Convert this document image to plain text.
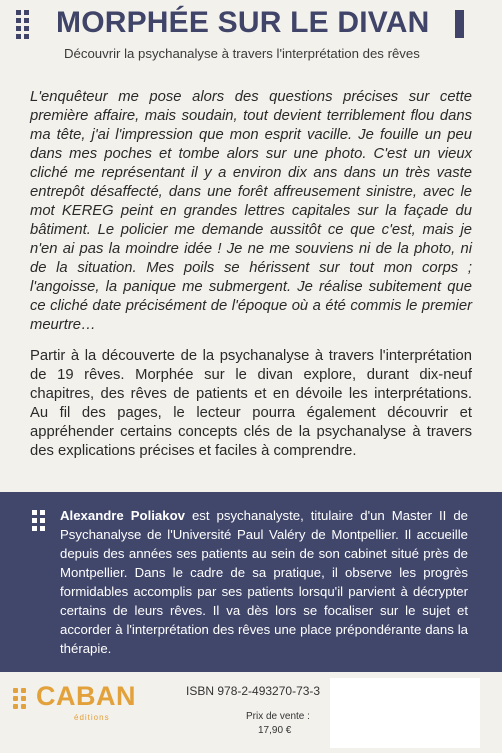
MORPHÉE SUR LE DIVAN

Découvrir la psychanalyse à travers l'interprétation des rêves

L'enquêteur me pose alors des questions précises sur cette première affaire, mais soudain, tout devient terriblement flou dans ma tête, j'ai l'impression que mon esprit vacille. Je fouille un peu dans mes poches et tombe alors sur une photo. C'est un vieux cliché me représentant il y a environ dix ans dans un très vaste entrepôt désaffecté, dans une forêt affreusement sinistre, avec le mot KEREG peint en grandes lettres capitales sur la façade du bâtiment. Le policier me demande aussitôt ce que c'est, mais je n'en ai pas la moindre idée ! Je ne me souviens ni de la photo, ni de la situation. Mes poils se hérissent sur tout mon corps ; l'angoisse, la panique me submergent. Je réalise subitement que ce cliché date précisément de l'époque où a été commis le premier meurtre…

Partir à la découverte de la psychanalyse à travers l'interprétation de 19 rêves. Morphée sur le divan explore, durant dix-neuf chapitres, des rêves de patients et en dévoile les interprétations. Au fil des pages, le lecteur pourra également découvrir et appréhender certains concepts clés de la psychanalyse à travers des explications précises et faciles à comprendre.

Alexandre Poliakov est psychanalyste, titulaire d'un Master II de Psychanalyse de l'Université Paul Valéry de Montpellier. Il accueille depuis des années ses patients au sein de son cabinet situé près de Montpellier. Dans le cadre de sa pratique, il observe les progrès formidables accomplis par ses patients lorsqu'il parvient à décrypter certains de leurs rêves. Il va dès lors se focaliser sur le sujet et accorder à l'interprétation des rêves une place prépondérante dans la thérapie.

CABAN

éditions

ISBN 978-2-493270-73-3

Prix de vente :

17,90 €
